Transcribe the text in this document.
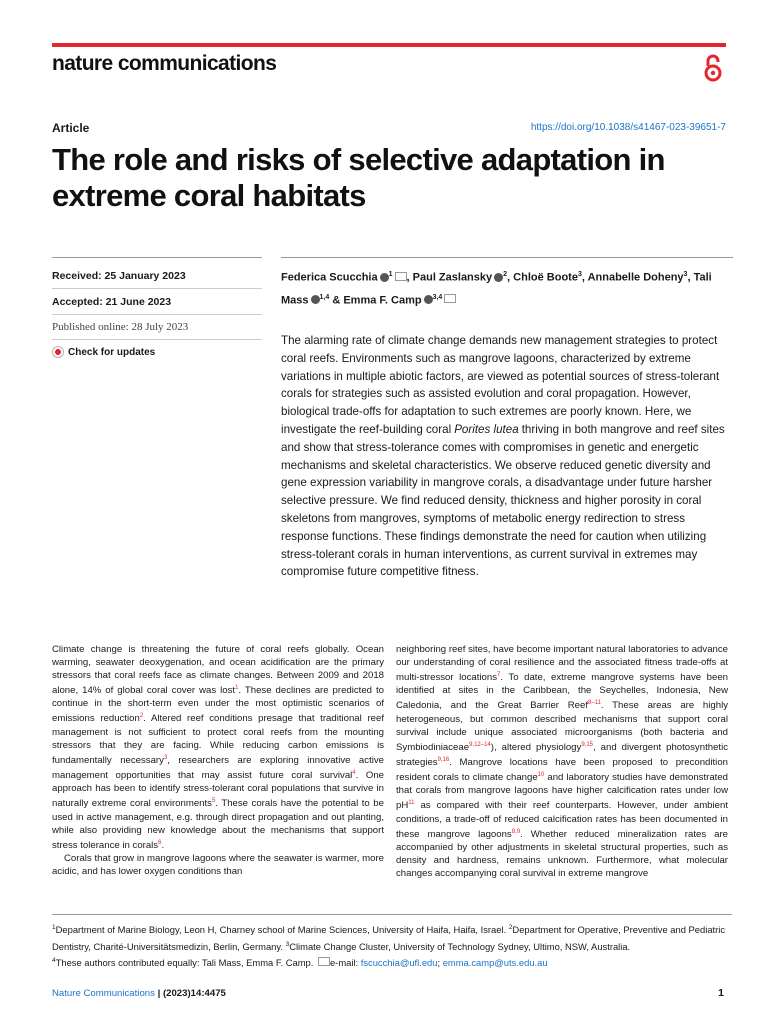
nature communications
Article	https://doi.org/10.1038/s41467-023-39651-7
The role and risks of selective adaptation in extreme coral habitats
Received: 25 January 2023
Accepted: 21 June 2023
Published online: 28 July 2023
Check for updates
Federica Scucchia $^1$ , Paul Zaslansky $^2$, Chloë Boote$^3$, Annabelle Doheny$^3$, Tali Mass $^{1,4}$ & Emma F. Camp $^{3,4}$

The alarming rate of climate change demands new management strategies to protect coral reefs. Environments such as mangrove lagoons, characterized by extreme variations in multiple abiotic factors, are viewed as potential sources of stress-tolerant corals for strategies such as assisted evolution and coral propagation. However, biological trade-offs for adaptation to such extremes are poorly known. Here, we investigate the reef-building coral Porites lutea thriving in both mangrove and reef sites and show that stress-tolerance comes with compromises in genetic and energetic mechanisms and skeletal characteristics. We observe reduced genetic diversity and gene expression variability in mangrove corals, a disadvantage under future harsher selective pressure. We find reduced density, thickness and higher porosity in coral skeletons from mangroves, symptoms of metabolic energy redirection to stress response functions. These findings demonstrate the need for caution when utilizing stress-tolerant corals in human interventions, as current survival in extremes may compromise future competitive fitness.

Climate change is threatening the future of coral reefs globally. Ocean warming, seawater deoxygenation, and ocean acidification are the primary stressors that coral reefs face as climate changes. Between 2009 and 2018 alone, 14% of global coral cover was lost$^1$. These declines are predicted to continue in the short-term even under the most optimistic scenarios of emissions reduction$^2$. Altered reef conditions presage that traditional reef management is not sufficient to protect coral reefs from the mounting stressors that they are facing. While reducing carbon emissions is fundamentally necessary$^3$, researchers are exploring innovative active management opportunities that may assist future coral survival$^4$. One approach has been to identify stress-tolerant coral populations that survive in naturally extreme coral environments$^5$. These corals have the potential to be used in active management, e.g. through direct propagation and out planting, while also providing new knowledge about the mechanisms that support stress tolerance in corals$^6$.

Corals that grow in mangrove lagoons where the seawater is warmer, more acidic, and has lower oxygen conditions than

neighboring reef sites, have become important natural laboratories to advance our understanding of coral resilience and the associated fitness trade-offs at multi-stressor locations$^7$. To date, extreme mangrove systems have been identified at sites in the Caribbean, the Seychelles, Indonesia, New Caledonia, and the Great Barrier Reef$^{8-11}$. These areas are highly heterogeneous, but common described mechanisms that support coral survival include unique associated microorganisms (both bacteria and Symbiodiniaceae$^{9,12-14}$), altered physiology$^{9,15}$, and divergent photosynthetic strategies$^{9,16}$. Mangrove locations have been proposed to precondition resident corals to climate change$^{10}$ and laboratory studies have demonstrated that corals from mangrove lagoons have higher calcification rates under low $pH^{11}$ as compared with their reef counterparts. However, under ambient conditions, a trade-off of reduced calcification rates has been documented in these mangrove lagoons$^{8,9}$. Whether reduced mineralization rates are accompanied by other adjustments in skeletal structural properties, such as density and hardness, remains unknown. Furthermore, what molecular changes accompanying coral survival in extreme mangrove

$^1$Department of Marine Biology, Leon H, Charney school of Marine Sciences, University of Haifa, Haifa, Israel. $^2$Department for Operative, Preventive and Pediatric Dentistry, Charité-Universitätsmedizin, Berlin, Germany. $^3$Climate Change Cluster, University of Technology Sydney, Ultimo, NSW, Australia.
$^4$These authors contributed equally: Tali Mass, Emma F. Camp. e-mail: fscucchia@ufl.edu; emma.camp@uts.edu.au
Nature Communications | (2023)14:4475	1
